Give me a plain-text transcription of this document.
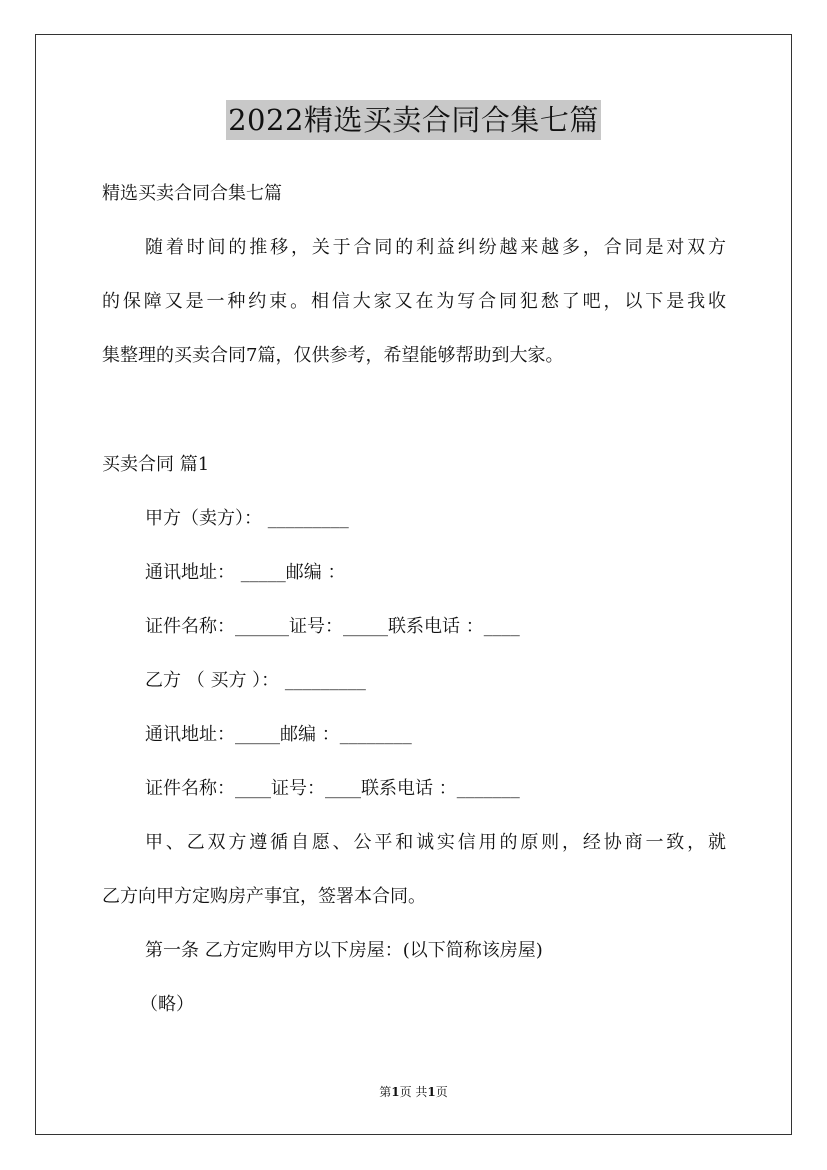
2022精选买卖合同合集七篇
精选买卖合同合集七篇
随着时间的推移，关于合同的利益纠纷越来越多，合同是对双方
的保障又是一种约束。相信大家又在为写合同犯愁了吧，以下是我收
集整理的买卖合同7篇，仅供参考，希望能够帮助到大家。
买卖合同 篇1
甲方（卖方）： _________
通讯地址： _____邮编 ：
证件名称：______证号：_____联系电话 ：____
乙方 （ 买方 ）： _________
通讯地址：_____邮编 ：________
证件名称：____证号：____联系电话 ：_______
甲、乙双方遵循自愿、公平和诚实信用的原则，经协商一致，就
乙方向甲方定购房产事宜，签署本合同。
第一条 乙方定购甲方以下房屋：(以下简称该房屋)
（略）
第1页 共1页
